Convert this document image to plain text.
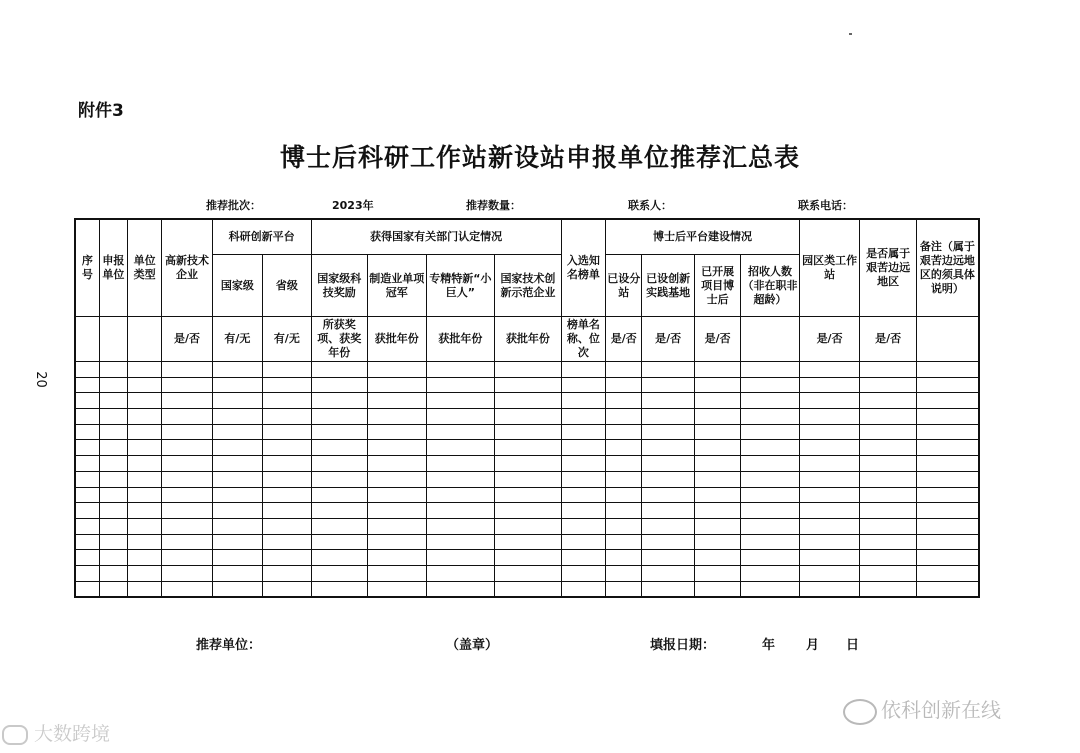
附件3
博士后科研工作站新设站申报单位推荐汇总表
推荐批次：	2023年	推荐数量：	联系人：	联系电话：
20
序号	申报单位	单位类型	高新技术企业	科研创新平台		获得国家有关部门认定情况				入选知名榜单	博士后平台建设情况				园区类工作站	是否属于艰苦边远地区	备注（属于艰苦边远地区的须具体说明）
				国家级	省级	国家级科技奖励	制造业单项冠军	专精特新“小巨人”	国家技术创新示范企业		已设分站	已设创新实践基地	已开展项目博士后	招收人数（非在职非超龄）			
			是/否	有/无	有/无	所获奖项、获奖年份	获批年份	获批年份	获批年份	榜单名称、位次	是/否	是/否	是/否		是/否	是/否	

推荐单位：	（盖章）	填报日期：	年 月 日
依科创新在线
大数跨境
